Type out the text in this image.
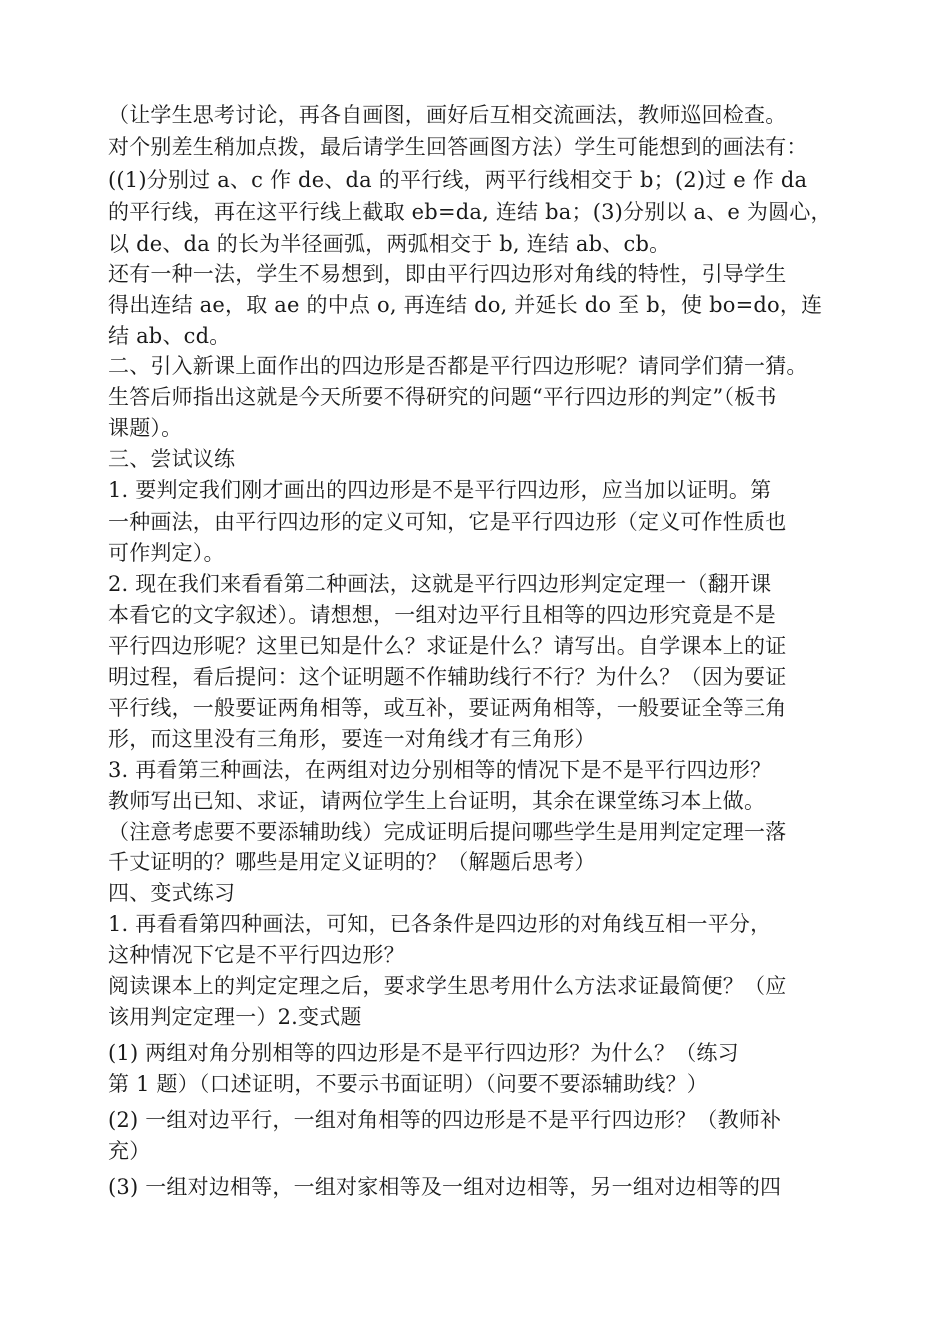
（让学生思考讨论，再各自画图，画好后互相交流画法，教师巡回检查。
对个别差生稍加点拨，最后请学生回答画图方法）学生可能想到的画法有：
((1)分别过 a、c 作 de、da 的平行线，两平行线相交于 b；(2)过 e 作 da
的平行线，再在这平行线上截取 eb=da, 连结 ba；(3)分别以 a、e 为圆心，
以 de、da 的长为半径画弧，两弧相交于 b, 连结 ab、cb。
还有一种一法，学生不易想到，即由平行四边形对角线的特性，引导学生
得出连结 ae，取 ae 的中点 o, 再连结 do, 并延长 do 至 b，使 bo=do，连
结 ab、cd。
二、引入新课上面作出的四边形是否都是平行四边形呢？请同学们猜一猜。
生答后师指出这就是今天所要不得研究的问题“平行四边形的判定”（板书
课题）。
三、尝试议练
1. 要判定我们刚才画出的四边形是不是平行四边形，应当加以证明。第
一种画法，由平行四边形的定义可知，它是平行四边形（定义可作性质也
可作判定）。
2. 现在我们来看看第二种画法，这就是平行四边形判定定理一（翻开课
本看它的文字叙述）。请想想，一组对边平行且相等的四边形究竟是不是
平行四边形呢？这里已知是什么？求证是什么？请写出。自学课本上的证
明过程，看后提问：这个证明题不作辅助线行不行？为什么？（因为要证
平行线，一般要证两角相等，或互补，要证两角相等，一般要证全等三角
形，而这里没有三角形，要连一对角线才有三角形）
3. 再看第三种画法，在两组对边分别相等的情况下是不是平行四边形？
教师写出已知、求证，请两位学生上台证明，其余在课堂练习本上做。
（注意考虑要不要添辅助线）完成证明后提问哪些学生是用判定定理一落
千丈证明的？哪些是用定义证明的？（解题后思考）
四、变式练习
1. 再看看第四种画法，可知，已各条件是四边形的对角线互相一平分，
这种情况下它是不平行四边形？
阅读课本上的判定定理之后，要求学生思考用什么方法求证最简便？（应
该用判定定理一）2.变式题
(1) 两组对角分别相等的四边形是不是平行四边形？为什么？（练习
第 1 题）（口述证明，不要示书面证明）（问要不要添辅助线？）
(2) 一组对边平行，一组对角相等的四边形是不是平行四边形？（教师补
充）
(3) 一组对边相等，一组对家相等及一组对边相等，另一组对边相等的四
